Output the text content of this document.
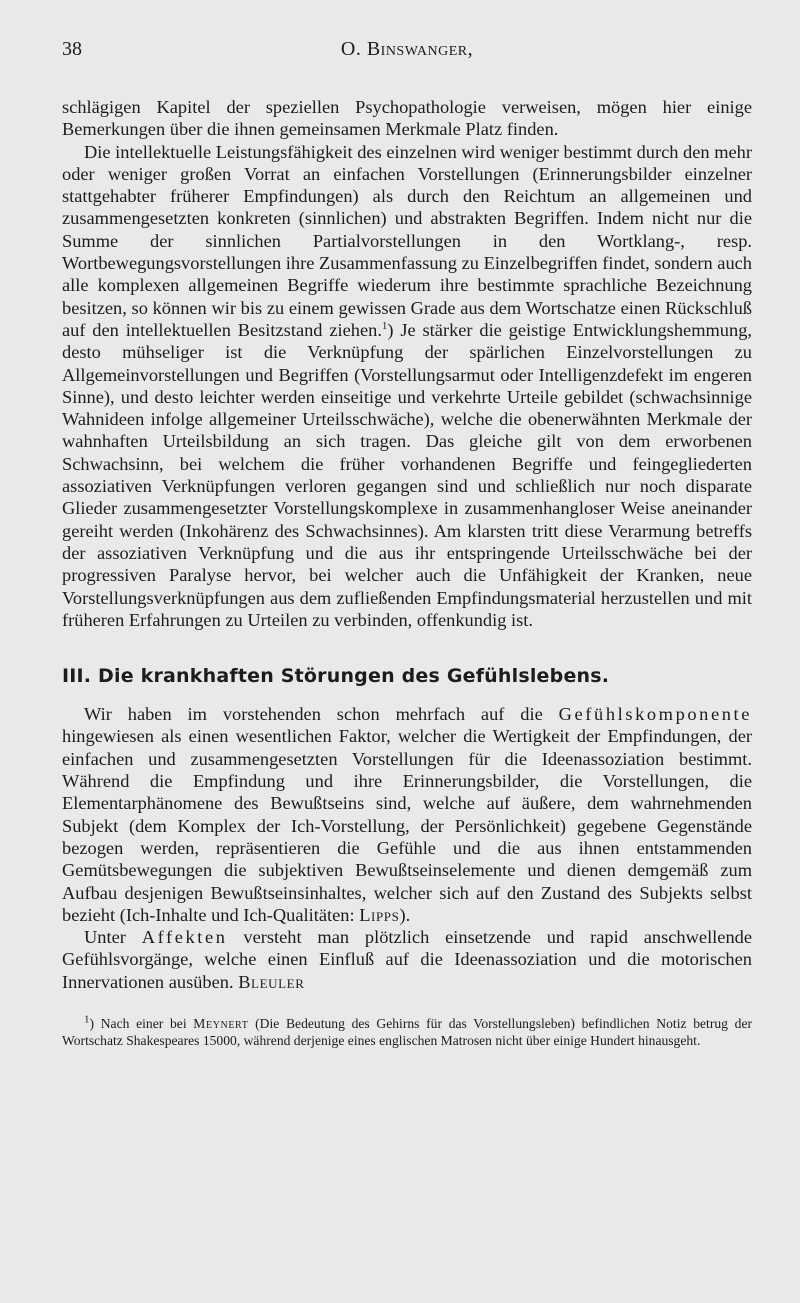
38	O. Binswanger,

schlägigen Kapitel der speziellen Psychopathologie verweisen, mögen hier einige Bemerkungen über die ihnen gemeinsamen Merkmale Platz finden.

Die intellektuelle Leistungsfähigkeit des einzelnen wird weniger bestimmt durch den mehr oder weniger großen Vorrat an einfachen Vorstellungen (Erinnerungsbilder einzelner stattgehabter früherer Empfindungen) als durch den Reichtum an allgemeinen und zusammengesetzten konkreten (sinnlichen) und abstrakten Begriffen. Indem nicht nur die Summe der sinnlichen Partialvorstellungen in den Wortklang-, resp. Wortbewegungsvorstellungen ihre Zusammenfassung zu Einzelbegriffen findet, sondern auch alle komplexen allgemeinen Begriffe wiederum ihre bestimmte sprachliche Bezeichnung besitzen, so können wir bis zu einem gewissen Grade aus dem Wortschatze einen Rückschluß auf den intellektuellen Besitzstand ziehen.$^1$) Je stärker die geistige Entwicklungshemmung, desto mühseliger ist die Verknüpfung der spärlichen Einzelvorstellungen zu Allgemeinvorstellungen und Begriffen (Vorstellungsarmut oder Intelligenzdefekt im engeren Sinne), und desto leichter werden einseitige und verkehrte Urteile gebildet (schwachsinnige Wahnideen infolge allgemeiner Urteilsschwäche), welche die obenerwähnten Merkmale der wahnhaften Urteilsbildung an sich tragen. Das gleiche gilt von dem erworbenen Schwachsinn, bei welchem die früher vorhandenen Begriffe und feingegliederten assoziativen Verknüpfungen verloren gegangen sind und schließlich nur noch disparate Glieder zusammengesetzter Vorstellungskomplexe in zusammenhangloser Weise aneinander gereiht werden (Inkohärenz des Schwachsinnes). Am klarsten tritt diese Verarmung betreffs der assoziativen Verknüpfung und die aus ihr entspringende Urteilsschwäche bei der progressiven Paralyse hervor, bei welcher auch die Unfähigkeit der Kranken, neue Vorstellungsverknüpfungen aus dem zufließenden Empfindungsmaterial herzustellen und mit früheren Erfahrungen zu Urteilen zu verbinden, offenkundig ist.

III. Die krankhaften Störungen des Gefühlslebens.

Wir haben im vorstehenden schon mehrfach auf die Gefühlskomponente hingewiesen als einen wesentlichen Faktor, welcher die Wertigkeit der Empfindungen, der einfachen und zusammengesetzten Vorstellungen für die Ideenassoziation bestimmt. Während die Empfindung und ihre Erinnerungsbilder, die Vorstellungen, die Elementarphänomene des Bewußtseins sind, welche auf äußere, dem wahrnehmenden Subjekt (dem Komplex der Ich-Vorstellung, der Persönlichkeit) gegebene Gegenstände bezogen werden, repräsentieren die Gefühle und die aus ihnen entstammenden Gemütsbewegungen die subjektiven Bewußtseinselemente und dienen demgemäß zum Aufbau desjenigen Bewußtseinsinhaltes, welcher sich auf den Zustand des Subjekts selbst bezieht (Ich-Inhalte und Ich-Qualitäten: Lipps).

Unter Affekten versteht man plötzlich einsetzende und rapid anschwellende Gefühlsvorgänge, welche einen Einfluß auf die Ideenassoziation und die motorischen Innervationen ausüben. Bleuler

$^1$) Nach einer bei Meynert (Die Bedeutung des Gehirns für das Vorstellungsleben) befindlichen Notiz betrug der Wortschatz Shakespeares 15000, während derjenige eines englischen Matrosen nicht über einige Hundert hinausgeht.
